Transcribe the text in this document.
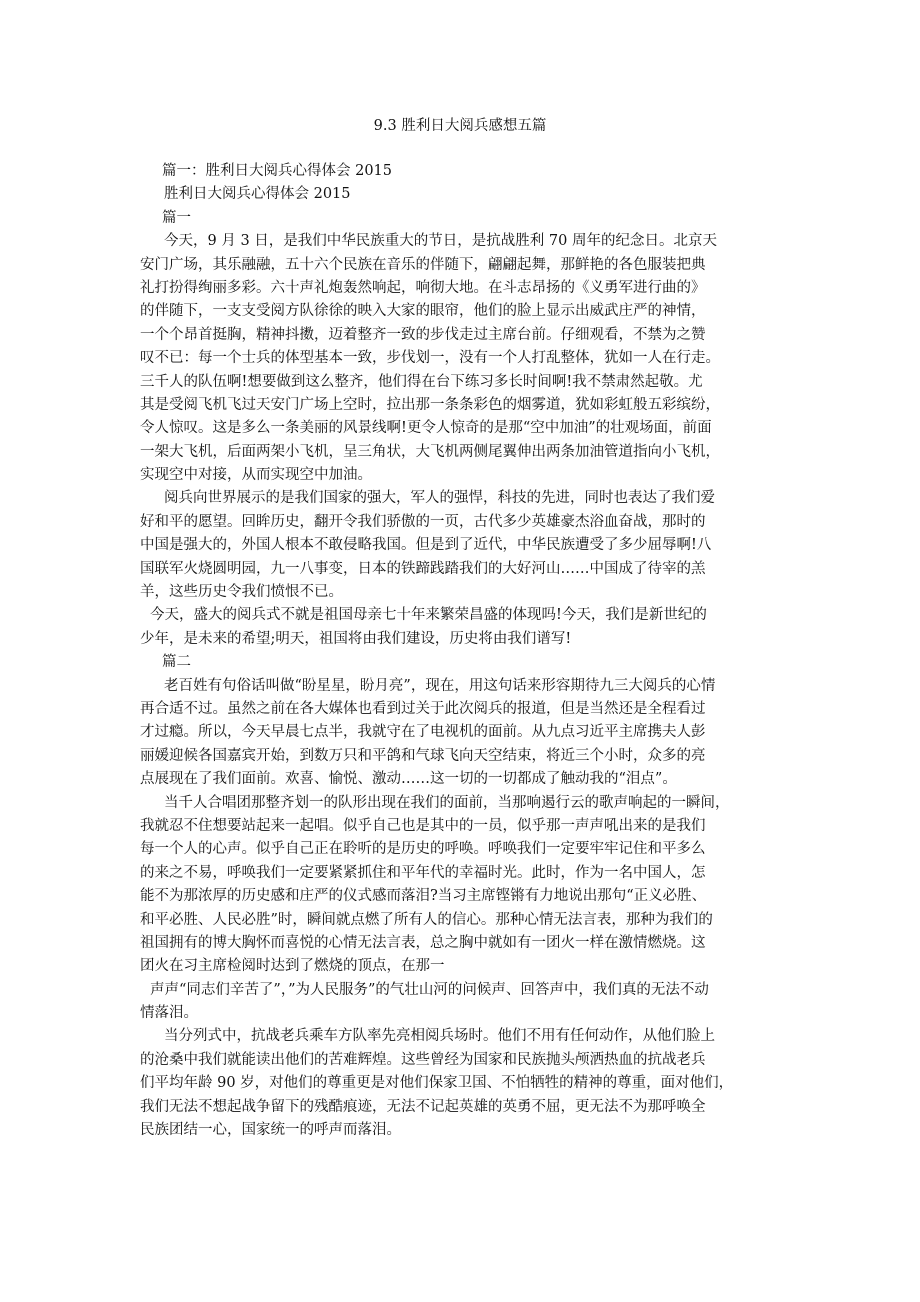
9.3 胜利日大阅兵感想五篇
篇一：胜利日大阅兵心得体会 2015
胜利日大阅兵心得体会 2015
篇一
今天，9 月 3 日，是我们中华民族重大的节日，是抗战胜利 70 周年的纪念日。北京天
安门广场，其乐融融，五十六个民族在音乐的伴随下，翩翩起舞，那鲜艳的各色服装把典
礼打扮得绚丽多彩。六十声礼炮轰然响起，响彻大地。在斗志昂扬的《义勇军进行曲的》
的伴随下，一支支受阅方队徐徐的映入大家的眼帘，他们的脸上显示出威武庄严的神情，
一个个昂首挺胸，精神抖擞，迈着整齐一致的步伐走过主席台前。仔细观看，不禁为之赞
叹不已：每一个士兵的体型基本一致，步伐划一，没有一个人打乱整体，犹如一人在行走。
三千人的队伍啊!想要做到这么整齐，他们得在台下练习多长时间啊!我不禁肃然起敬。尤
其是受阅飞机飞过天安门广场上空时，拉出那一条条彩色的烟雾道，犹如彩虹般五彩缤纷，
令人惊叹。这是多么一条美丽的风景线啊!更令人惊奇的是那“空中加油”的壮观场面，前面
一架大飞机，后面两架小飞机，呈三角状，大飞机两侧尾翼伸出两条加油管道指向小飞机，
实现空中对接，从而实现空中加油。
阅兵向世界展示的是我们国家的强大，军人的强悍，科技的先进，同时也表达了我们爱
好和平的愿望。回眸历史，翻开令我们骄傲的一页，古代多少英雄豪杰浴血奋战，那时的
中国是强大的，外国人根本不敢侵略我国。但是到了近代，中华民族遭受了多少屈辱啊!八
国联军火烧圆明园，九一八事变，日本的铁蹄践踏我们的大好河山……中国成了待宰的羔
羊，这些历史令我们愤恨不已。
今天，盛大的阅兵式不就是祖国母亲七十年来繁荣昌盛的体现吗!今天，我们是新世纪的
少年，是未来的希望;明天，祖国将由我们建设，历史将由我们谱写!
篇二
老百姓有句俗话叫做“盼星星，盼月亮”，现在，用这句话来形容期待九三大阅兵的心情
再合适不过。虽然之前在各大媒体也看到过关于此次阅兵的报道，但是当然还是全程看过
才过瘾。所以，今天早晨七点半，我就守在了电视机的面前。从九点习近平主席携夫人彭
丽媛迎候各国嘉宾开始，到数万只和平鸽和气球飞向天空结束，将近三个小时，众多的亮
点展现在了我们面前。欢喜、愉悦、激动……这一切的一切都成了触动我的“泪点”。
当千人合唱团那整齐划一的队形出现在我们的面前，当那响遏行云的歌声响起的一瞬间，
我就忍不住想要站起来一起唱。似乎自己也是其中的一员，似乎那一声声吼出来的是我们
每一个人的心声。似乎自己正在聆听的是历史的呼唤。呼唤我们一定要牢牢记住和平多么
的来之不易，呼唤我们一定要紧紧抓住和平年代的幸福时光。此时，作为一名中国人，怎
能不为那浓厚的历史感和庄严的仪式感而落泪?当习主席铿锵有力地说出那句“正义必胜、
和平必胜、人民必胜”时，瞬间就点燃了所有人的信心。那种心情无法言表，那种为我们的
祖国拥有的博大胸怀而喜悦的心情无法言表，总之胸中就如有一团火一样在激情燃烧。这
团火在习主席检阅时达到了燃烧的顶点，在那一
声声“同志们辛苦了”，”为人民服务”的气壮山河的问候声、回答声中，我们真的无法不动
情落泪。
当分列式中，抗战老兵乘车方队率先亮相阅兵场时。他们不用有任何动作，从他们脸上
的沧桑中我们就能读出他们的苦难辉煌。这些曾经为国家和民族抛头颅洒热血的抗战老兵
们平均年龄 90 岁，对他们的尊重更是对他们保家卫国、不怕牺牲的精神的尊重，面对他们，
我们无法不想起战争留下的残酷痕迹，无法不记起英雄的英勇不屈，更无法不为那呼唤全
民族团结一心，国家统一的呼声而落泪。
